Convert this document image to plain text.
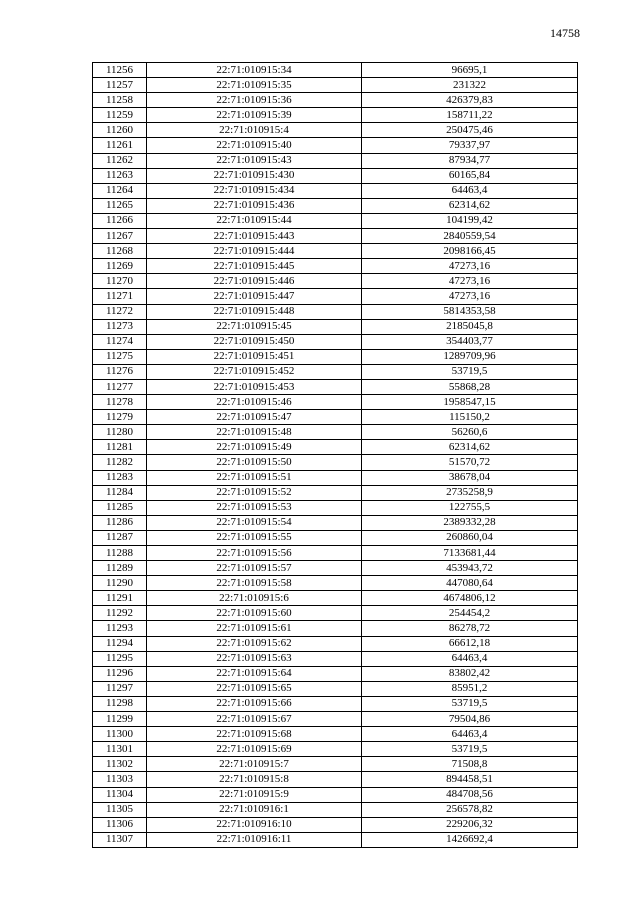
14758
11256	22:71:010915:34	96695,1
11257	22:71:010915:35	231322
11258	22:71:010915:36	426379,83
11259	22:71:010915:39	158711,22
11260	22:71:010915:4	250475,46
11261	22:71:010915:40	79337,97
11262	22:71:010915:43	87934,77
11263	22:71:010915:430	60165,84
11264	22:71:010915:434	64463,4
11265	22:71:010915:436	62314,62
11266	22:71:010915:44	104199,42
11267	22:71:010915:443	2840559,54
11268	22:71:010915:444	2098166,45
11269	22:71:010915:445	47273,16
11270	22:71:010915:446	47273,16
11271	22:71:010915:447	47273,16
11272	22:71:010915:448	5814353,58
11273	22:71:010915:45	2185045,8
11274	22:71:010915:450	354403,77
11275	22:71:010915:451	1289709,96
11276	22:71:010915:452	53719,5
11277	22:71:010915:453	55868,28
11278	22:71:010915:46	1958547,15
11279	22:71:010915:47	115150,2
11280	22:71:010915:48	56260,6
11281	22:71:010915:49	62314,62
11282	22:71:010915:50	51570,72
11283	22:71:010915:51	38678,04
11284	22:71:010915:52	2735258,9
11285	22:71:010915:53	122755,5
11286	22:71:010915:54	2389332,28
11287	22:71:010915:55	260860,04
11288	22:71:010915:56	7133681,44
11289	22:71:010915:57	453943,72
11290	22:71:010915:58	447080,64
11291	22:71:010915:6	4674806,12
11292	22:71:010915:60	254454,2
11293	22:71:010915:61	86278,72
11294	22:71:010915:62	66612,18
11295	22:71:010915:63	64463,4
11296	22:71:010915:64	83802,42
11297	22:71:010915:65	85951,2
11298	22:71:010915:66	53719,5
11299	22:71:010915:67	79504,86
11300	22:71:010915:68	64463,4
11301	22:71:010915:69	53719,5
11302	22:71:010915:7	71508,8
11303	22:71:010915:8	894458,51
11304	22:71:010915:9	484708,56
11305	22:71:010916:1	256578,82
11306	22:71:010916:10	229206,32
11307	22:71:010916:11	1426692,4
